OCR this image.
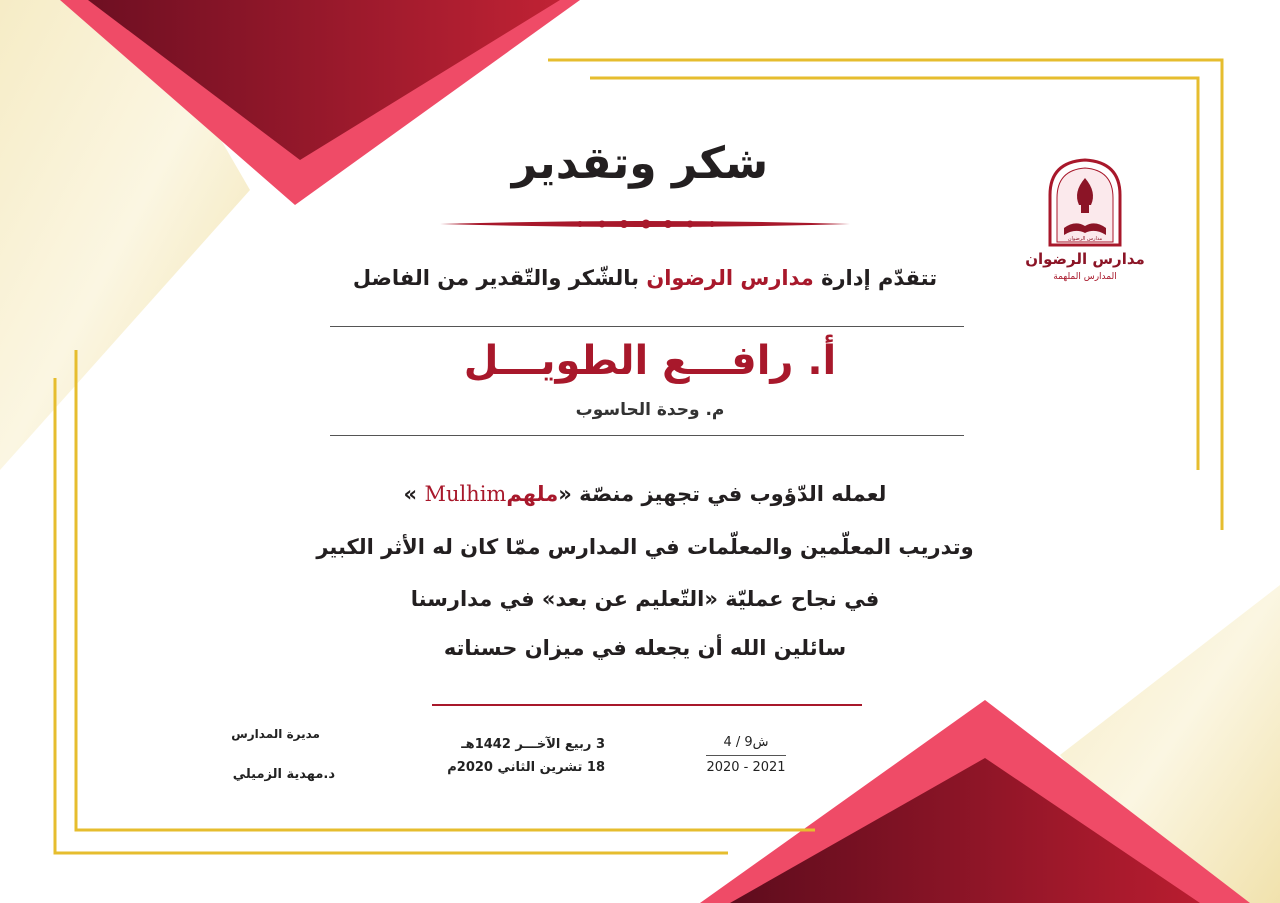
مدارس الرضوان
المدارس الملهمة
مدارس الرضوان
شكر وتقدير
تتقدّم إدارة مدارس الرضوان بالشّكر والتّقدير من الفاضل
أ. رافـــع الطويـــل
م. وحدة الحاسوب
لعمله الدّؤوب في تجهيز منصّة «ملهم‎ Mulhim»
وتدريب المعلّمين والمعلّمات في المدارس ممّا كان له الأثر الكبير
في نجاح عمليّة «التّعليم عن بعد» في مدارسنا
سائلين الله أن يجعله في ميزان حسناته
ش9 / 4
2020 - 2021
3 ربيع الآخـــر 1442هـ
18 تشرين الثاني 2020م
مديرة المدارس
د.مهدية الزميلي
